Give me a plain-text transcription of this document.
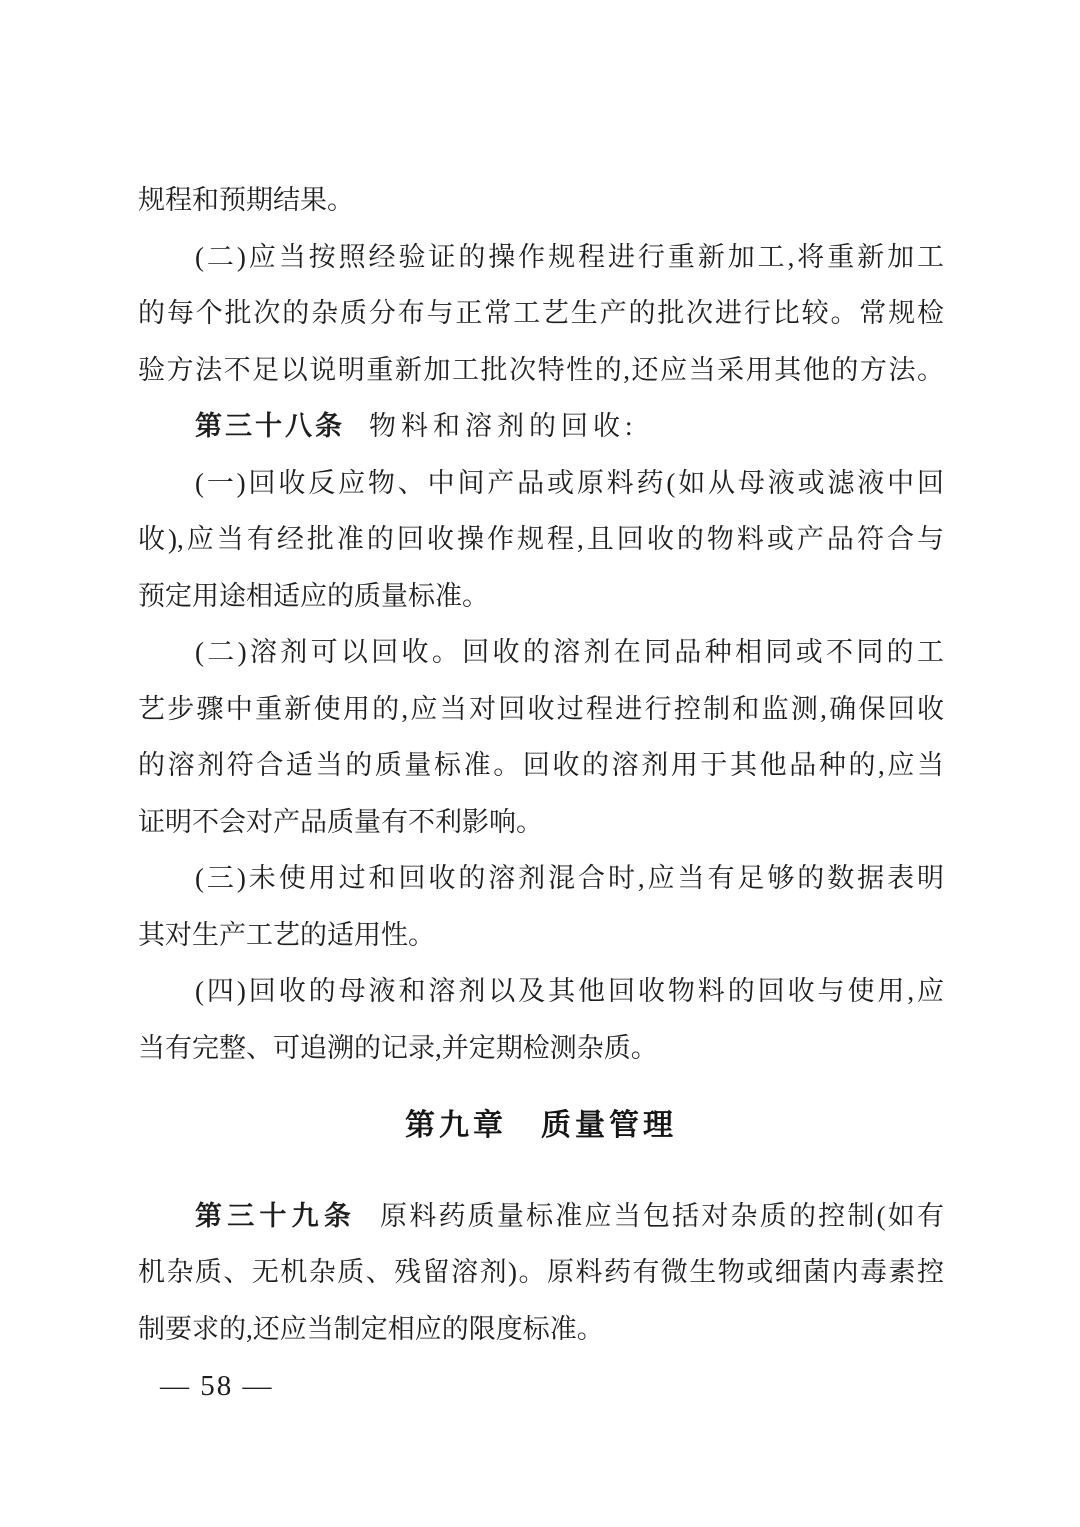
规程和预期结果。

(二)应当按照经验证的操作规程进行重新加工,将重新加工

的每个批次的杂质分布与正常工艺生产的批次进行比较。常规检

验方法不足以说明重新加工批次特性的,还应当采用其他的方法。

第三十八条 物料和溶剂的回收:

(一)回收反应物、中间产品或原料药(如从母液或滤液中回

收),应当有经批准的回收操作规程,且回收的物料或产品符合与

预定用途相适应的质量标准。

(二)溶剂可以回收。回收的溶剂在同品种相同或不同的工

艺步骤中重新使用的,应当对回收过程进行控制和监测,确保回收

的溶剂符合适当的质量标准。回收的溶剂用于其他品种的,应当

证明不会对产品质量有不利影响。

(三)未使用过和回收的溶剂混合时,应当有足够的数据表明

其对生产工艺的适用性。

(四)回收的母液和溶剂以及其他回收物料的回收与使用,应

当有完整、可追溯的记录,并定期检测杂质。

第九章　质量管理

第三十九条 原料药质量标准应当包括对杂质的控制(如有

机杂质、无机杂质、残留溶剂)。原料药有微生物或细菌内毒素控

制要求的,还应当制定相应的限度标准。

— 58 —
